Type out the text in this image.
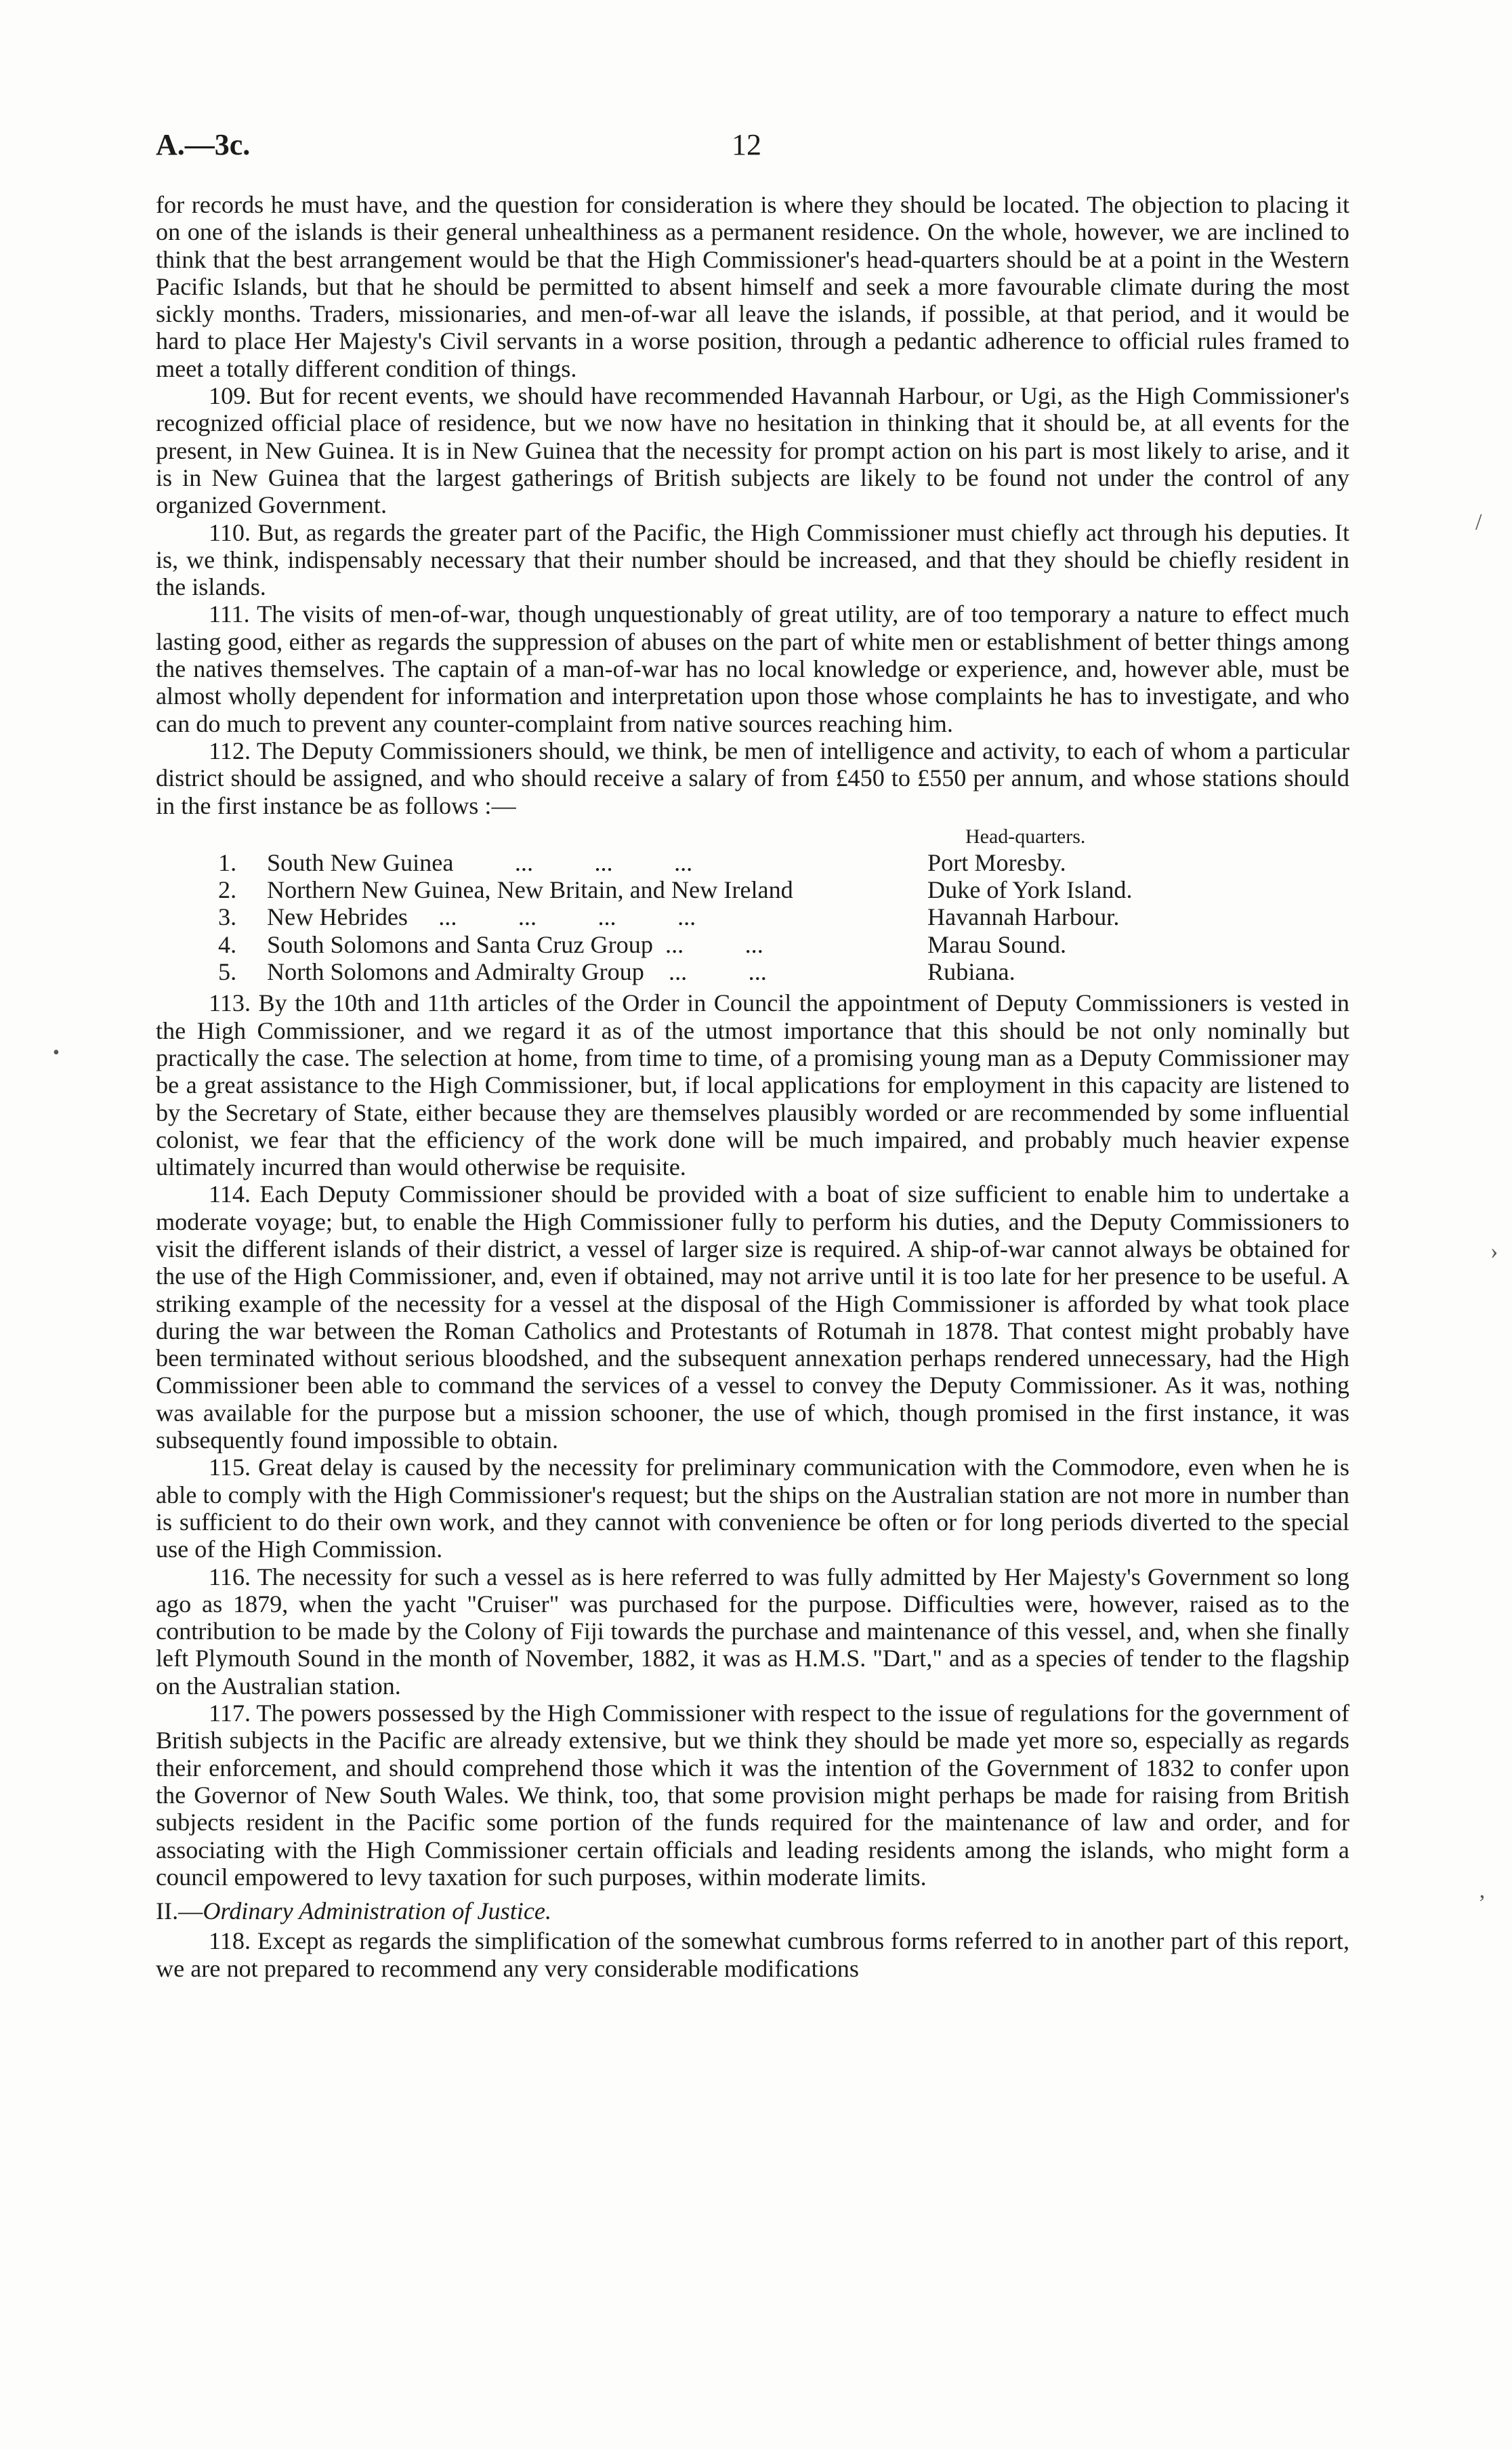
A.—3c.	12

for records he must have, and the question for consideration is where they should be located. The objection to placing it on one of the islands is their general unhealthiness as a permanent residence. On the whole, however, we are inclined to think that the best arrangement would be that the High Commissioner's head-quarters should be at a point in the Western Pacific Islands, but that he should be permitted to absent himself and seek a more favourable climate during the most sickly months. Traders, missionaries, and men-of-war all leave the islands, if possible, at that period, and it would be hard to place Her Majesty's Civil servants in a worse position, through a pedantic adherence to official rules framed to meet a totally different condition of things.

109. But for recent events, we should have recommended Havannah Harbour, or Ugi, as the High Commissioner's recognized official place of residence, but we now have no hesitation in thinking that it should be, at all events for the present, in New Guinea. It is in New Guinea that the necessity for prompt action on his part is most likely to arise, and it is in New Guinea that the largest gatherings of British subjects are likely to be found not under the control of any organized Government.

110. But, as regards the greater part of the Pacific, the High Commissioner must chiefly act through his deputies. It is, we think, indispensably necessary that their number should be increased, and that they should be chiefly resident in the islands.

111. The visits of men-of-war, though unquestionably of great utility, are of too temporary a nature to effect much lasting good, either as regards the suppression of abuses on the part of white men or establishment of better things among the natives themselves. The captain of a man-of-war has no local knowledge or experience, and, however able, must be almost wholly dependent for information and interpretation upon those whose complaints he has to investigate, and who can do much to prevent any counter-complaint from native sources reaching him.

112. The Deputy Commissioners should, we think, be men of intelligence and activity, to each of whom a particular district should be assigned, and who should receive a salary of from £450 to £550 per annum, and whose stations should in the first instance be as follows :—

Head-quarters.
1.	South New Guinea          ...          ...          ...	Port Moresby.
2.	Northern New Guinea, New Britain, and New Ireland	Duke of York Island.
3.	New Hebrides     ...          ...          ...          ...	Havannah Harbour.
4.	South Solomons and Santa Cruz Group  ...          ...	Marau Sound.
5.	North Solomons and Admiralty Group    ...          ...	Rubiana.

113. By the 10th and 11th articles of the Order in Council the appointment of Deputy Commissioners is vested in the High Commissioner, and we regard it as of the utmost importance that this should be not only nominally but practically the case. The selection at home, from time to time, of a promising young man as a Deputy Commissioner may be a great assistance to the High Commissioner, but, if local applications for employment in this capacity are listened to by the Secretary of State, either because they are themselves plausibly worded or are recommended by some influential colonist, we fear that the efficiency of the work done will be much impaired, and probably much heavier expense ultimately incurred than would otherwise be requisite.

114. Each Deputy Commissioner should be provided with a boat of size sufficient to enable him to undertake a moderate voyage; but, to enable the High Commissioner fully to perform his duties, and the Deputy Commissioners to visit the different islands of their district, a vessel of larger size is required. A ship-of-war cannot always be obtained for the use of the High Commissioner, and, even if obtained, may not arrive until it is too late for her presence to be useful. A striking example of the necessity for a vessel at the disposal of the High Commissioner is afforded by what took place during the war between the Roman Catholics and Protestants of Rotumah in 1878. That contest might probably have been terminated without serious bloodshed, and the subsequent annexation perhaps rendered unnecessary, had the High Commissioner been able to command the services of a vessel to convey the Deputy Commissioner. As it was, nothing was available for the purpose but a mission schooner, the use of which, though promised in the first instance, it was subsequently found impossible to obtain.

115. Great delay is caused by the necessity for preliminary communication with the Commodore, even when he is able to comply with the High Commissioner's request; but the ships on the Australian station are not more in number than is sufficient to do their own work, and they cannot with convenience be often or for long periods diverted to the special use of the High Commission.

116. The necessity for such a vessel as is here referred to was fully admitted by Her Majesty's Government so long ago as 1879, when the yacht "Cruiser" was purchased for the purpose. Difficulties were, however, raised as to the contribution to be made by the Colony of Fiji towards the purchase and maintenance of this vessel, and, when she finally left Plymouth Sound in the month of November, 1882, it was as H.M.S. "Dart," and as a species of tender to the flagship on the Australian station.

117. The powers possessed by the High Commissioner with respect to the issue of regulations for the government of British subjects in the Pacific are already extensive, but we think they should be made yet more so, especially as regards their enforcement, and should comprehend those which it was the intention of the Government of 1832 to confer upon the Governor of New South Wales. We think, too, that some provision might perhaps be made for raising from British subjects resident in the Pacific some portion of the funds required for the maintenance of law and order, and for associating with the High Commissioner certain officials and leading residents among the islands, who might form a council empowered to levy taxation for such purposes, within moderate limits.

II.—Ordinary Administration of Justice.

118. Except as regards the simplification of the somewhat cumbrous forms referred to in another part of this report, we are not prepared to recommend any very considerable modifications

/
›
’
•
